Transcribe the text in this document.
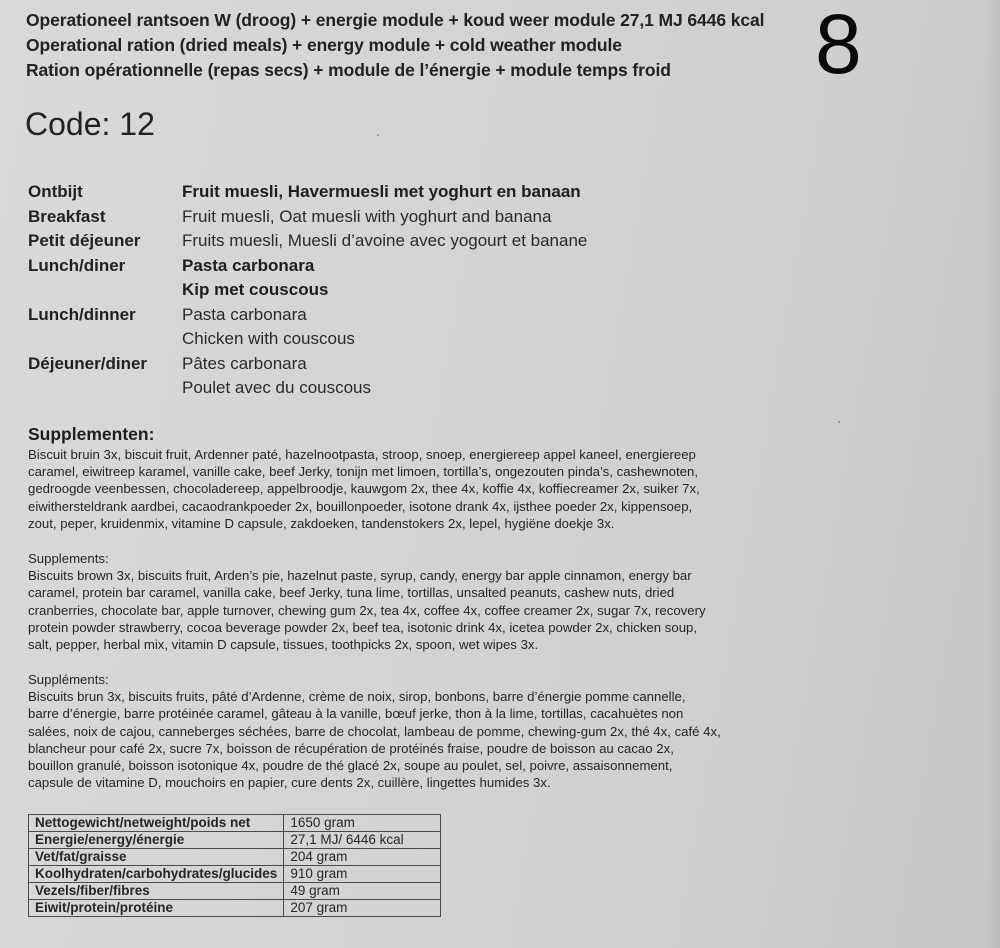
Operationeel rantsoen W (droog) + energie module + koud weer module 27,1 MJ 6446 kcal
Operational ration (dried meals) + energy module + cold weather module
Ration opérationnelle (repas secs) + module de l’énergie + module temps froid	8
Code: 12
Ontbijt	Fruit muesli, Havermuesli met yoghurt en banaan
Breakfast	Fruit muesli, Oat muesli with yoghurt and banana
Petit déjeuner	Fruits muesli, Muesli d’avoine avec yogourt et banane
Lunch/diner	Pasta carbonara
Kip met couscous
Lunch/dinner	Pasta carbonara
Chicken with couscous
Déjeuner/diner	Pâtes carbonara
Poulet avec du couscous
Supplementen:
Biscuit bruin 3x, biscuit fruit, Ardenner paté, hazelnootpasta, stroop, snoep, energiereep appel kaneel, energiereep
caramel, eiwitreep karamel, vanille cake, beef Jerky, tonijn met limoen, tortilla’s, ongezouten pinda’s, cashewnoten,
gedroogde veenbessen, chocoladereep, appelbroodje, kauwgom 2x, thee 4x, koffie 4x, koffiecreamer 2x, suiker 7x,
eiwithersteldrank aardbei, cacaodrankpoeder 2x, bouillonpoeder, isotone drank 4x, ijsthee poeder 2x, kippensoep,
zout, peper, kruidenmix, vitamine D capsule, zakdoeken, tandenstokers 2x, lepel, hygiëne doekje 3x.
Supplements:
Biscuits brown 3x, biscuits fruit, Arden’s pie, hazelnut paste, syrup, candy, energy bar apple cinnamon, energy bar
caramel, protein bar caramel, vanilla cake, beef Jerky, tuna lime, tortillas, unsalted peanuts, cashew nuts, dried
cranberries, chocolate bar, apple turnover, chewing gum 2x, tea 4x, coffee 4x, coffee creamer 2x, sugar 7x, recovery
protein powder strawberry, cocoa beverage powder 2x, beef tea, isotonic drink 4x, icetea powder 2x, chicken soup,
salt, pepper, herbal mix, vitamin D capsule, tissues, toothpicks 2x, spoon, wet wipes 3x.
Suppléments:
Biscuits brun 3x, biscuits fruits, pâté d’Ardenne, crème de noix, sirop, bonbons, barre d’énergie pomme cannelle,
barre d’énergie, barre protéinée caramel, gâteau à la vanille, bœuf jerke, thon à la lime, tortillas, cacahuètes non
salées, noix de cajou, canneberges séchées, barre de chocolat, lambeau de pomme, chewing-gum 2x, thé 4x, café 4x,
blancheur pour café 2x, sucre 7x, boisson de récupération de protéinés fraise, poudre de boisson au cacao 2x,
bouillon granulé, boisson isotonique 4x, poudre de thé glacé 2x, soupe au poulet, sel, poivre, assaisonnement,
capsule de vitamine D, mouchoirs en papier, cure dents 2x, cuillère, lingettes humides 3x.
Nettogewicht/netweight/poids net	1650 gram
Energie/energy/énergie	27,1 MJ/ 6446 kcal
Vet/fat/graisse	204 gram
Koolhydraten/carbohydrates/glucides	910 gram
Vezels/fiber/fibres	49 gram
Eiwit/protein/protéine	207 gram
